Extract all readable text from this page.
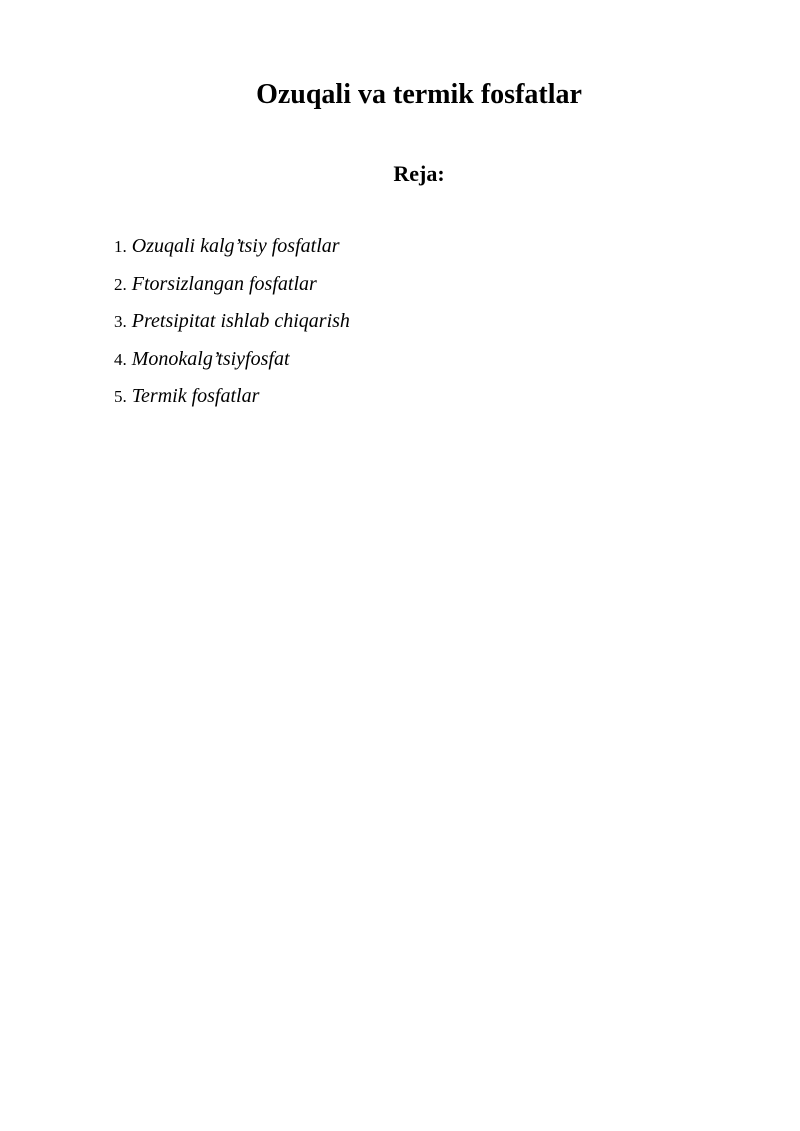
Ozuqali va termik fosfatlar
Reja:
1. Ozuqali kalg’tsiy fosfatlar
2. Ftorsizlangan fosfatlar
3. Pretsipitat ishlab chiqarish
4. Monokalg’tsiyfosfat
5. Termik fosfatlar
